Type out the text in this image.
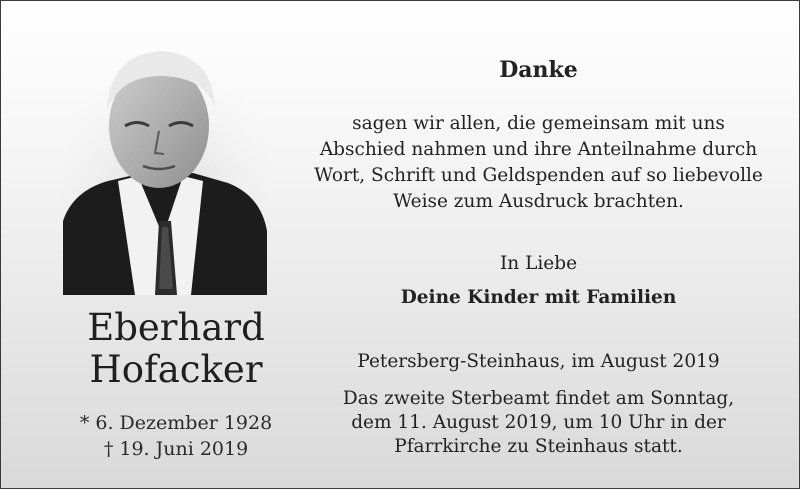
Eberhard
Hofacker
* 6. Dezember 1928
† 19. Juni 2019
Danke
sagen wir allen, die gemeinsam mit uns
Abschied nahmen und ihre Anteilnahme durch
Wort, Schrift und Geldspenden auf so liebevolle
Weise zum Ausdruck brachten.
In Liebe
Deine Kinder mit Familien
Petersberg-Steinhaus, im August 2019
Das zweite Sterbeamt findet am Sonntag,
dem 11. August 2019, um 10 Uhr in der
Pfarrkirche zu Steinhaus statt.
